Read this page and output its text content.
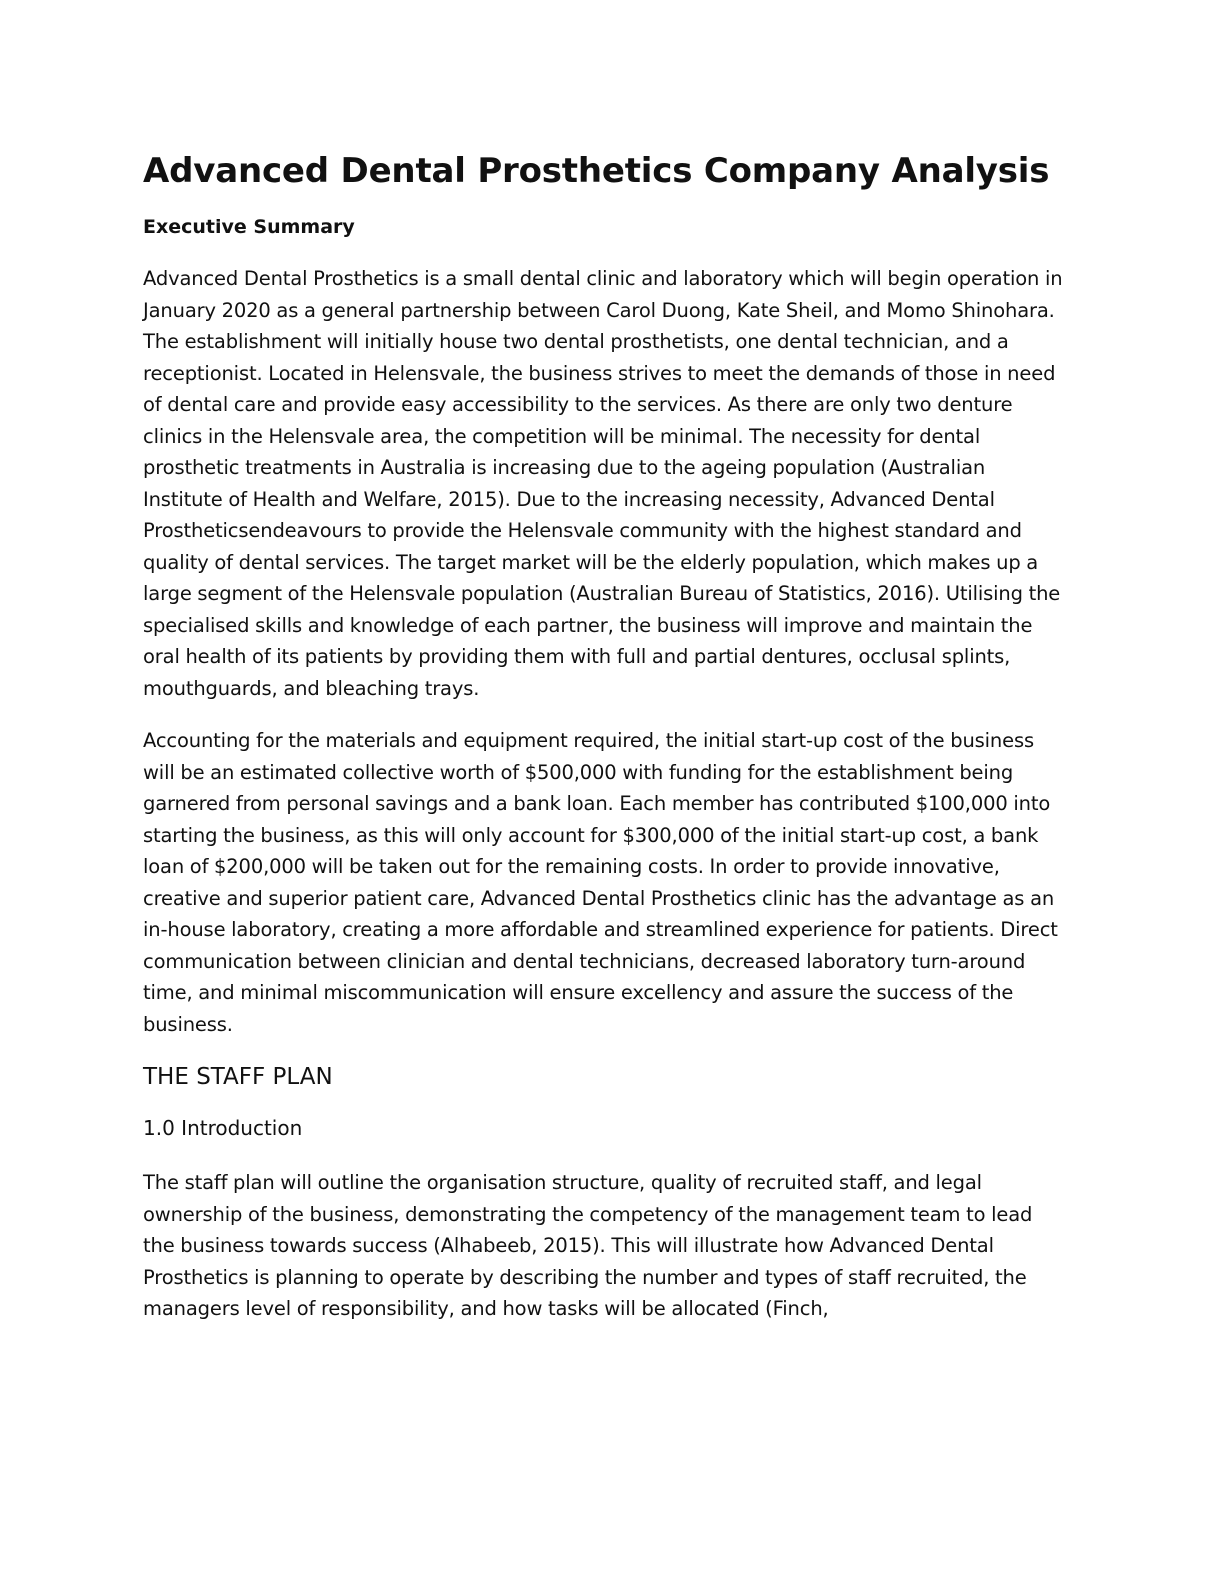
Advanced Dental Prosthetics Company Analysis
Executive Summary

Advanced Dental Prosthetics is a small dental clinic and laboratory which will begin operation in January 2020 as a general partnership between Carol Duong, Kate Sheil, and Momo Shinohara. The establishment will initially house two dental prosthetists, one dental technician, and a receptionist. Located in Helensvale, the business strives to meet the demands of those in need of dental care and provide easy accessibility to the services. As there are only two denture clinics in the Helensvale area, the competition will be minimal. The necessity for dental prosthetic treatments in Australia is increasing due to the ageing population (Australian Institute of Health and Welfare, 2015). Due to the increasing necessity, Advanced Dental Prostheticsendeavours to provide the Helensvale community with the highest standard and quality of dental services. The target market will be the elderly population, which makes up a large segment of the Helensvale population (Australian Bureau of Statistics, 2016). Utilising the specialised skills and knowledge of each partner, the business will improve and maintain the oral health of its patients by providing them with full and partial dentures, occlusal splints, mouthguards, and bleaching trays.

Accounting for the materials and equipment required, the initial start-up cost of the business will be an estimated collective worth of $500,000 with funding for the establishment being garnered from personal savings and a bank loan. Each member has contributed $100,000 into starting the business, as this will only account for $300,000 of the initial start-up cost, a bank loan of $200,000 will be taken out for the remaining costs. In order to provide innovative, creative and superior patient care, Advanced Dental Prosthetics clinic has the advantage as an in-house laboratory, creating a more affordable and streamlined experience for patients. Direct communication between clinician and dental technicians, decreased laboratory turn-around time, and minimal miscommunication will ensure excellency and assure the success of the business.

THE STAFF PLAN
1.0 Introduction

The staff plan will outline the organisation structure, quality of recruited staff, and legal ownership of the business, demonstrating the competency of the management team to lead the business towards success (Alhabeeb, 2015). This will illustrate how Advanced Dental Prosthetics is planning to operate by describing the number and types of staff recruited, the managers level of responsibility, and how tasks will be allocated (Finch,
